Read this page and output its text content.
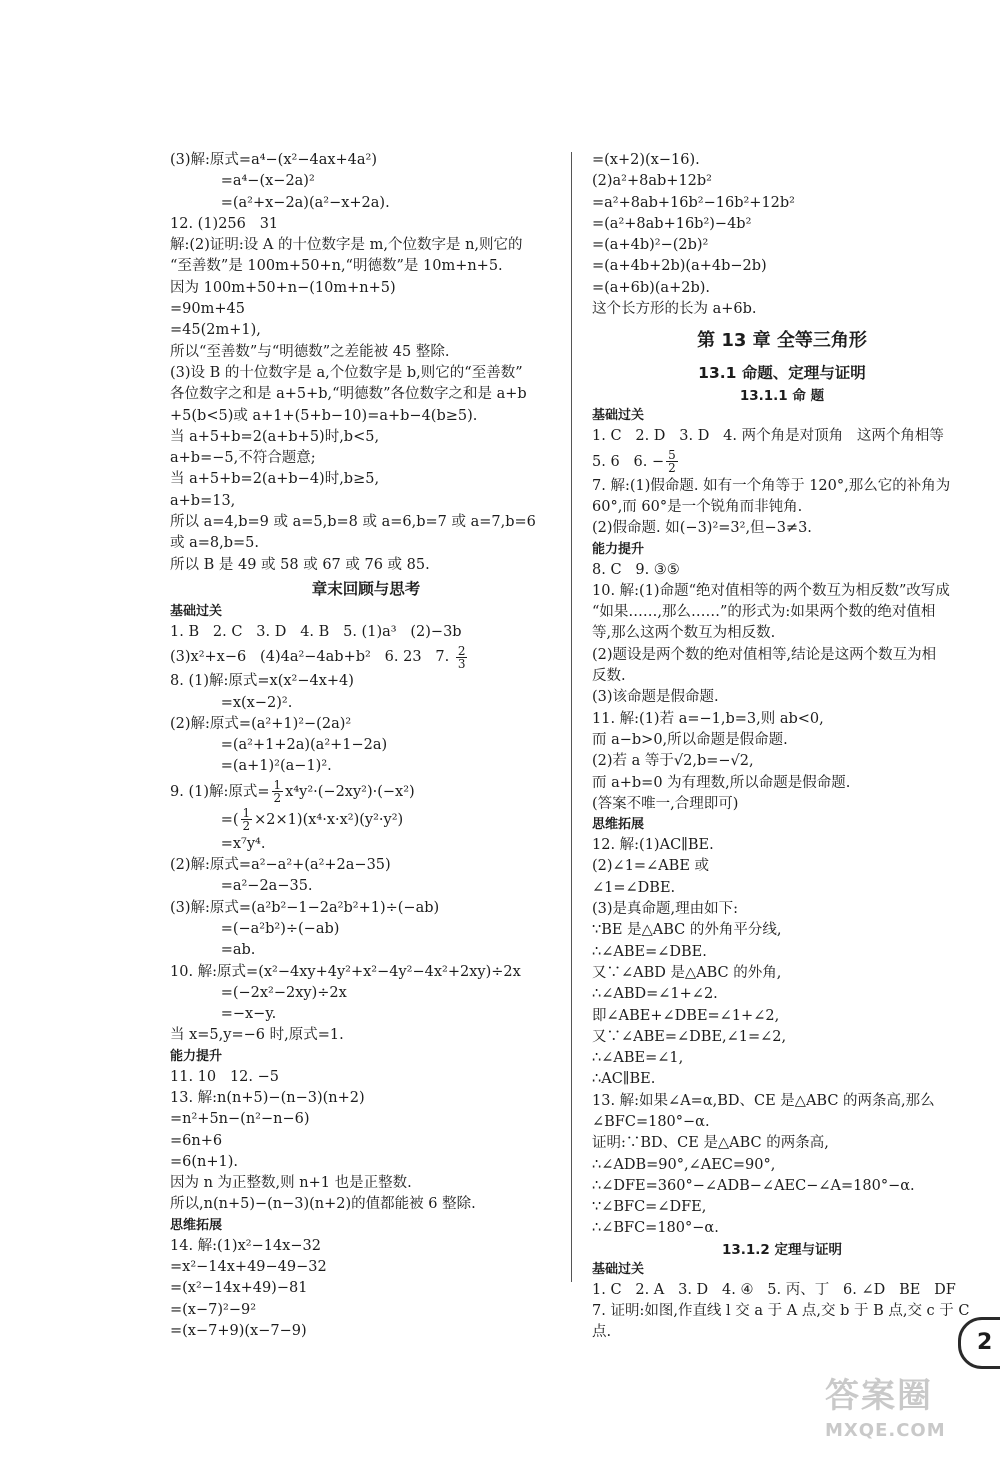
(3)解:原式=a⁴−(x²−4ax+4a²)
=a⁴−(x−2a)²
=(a²+x−2a)(a²−x+2a).
12. (1)256   31
解:(2)证明:设 A 的十位数字是 m,个位数字是 n,则它的
“至善数”是 100m+50+n,“明德数”是 10m+n+5.
因为 100m+50+n−(10m+n+5)
=90m+45
=45(2m+1),
所以“至善数”与“明德数”之差能被 45 整除.
(3)设 B 的十位数字是 a,个位数字是 b,则它的“至善数”
各位数字之和是 a+5+b,“明德数”各位数字之和是 a+b
+5(b<5)或 a+1+(5+b−10)=a+b−4(b≥5).
当 a+5+b=2(a+b+5)时,b<5,
a+b=−5,不符合题意;
当 a+5+b=2(a+b−4)时,b≥5,
a+b=13,
所以 a=4,b=9 或 a=5,b=8 或 a=6,b=7 或 a=7,b=6
或 a=8,b=5.
所以 B 是 49 或 58 或 67 或 76 或 85.
章末回顾与思考
基础过关
1. B   2. C   3. D   4. B   5. (1)a³   (2)−3b
(3)x²+x−6   (4)4a²−4ab+b²   6. 23   7. $\frac{2}{3}$
8. (1)解:原式=x(x²−4x+4)
=x(x−2)².
(2)解:原式=(a²+1)²−(2a)²
=(a²+1+2a)(a²+1−2a)
=(a+1)²(a−1)².
9. (1)解:原式= $\frac{1}{2} x^4y^2\cdot(-2xy^2)\cdot(-x^2)$
=( $\frac{1}{2} \times 2\times 1)(x^4\cdot x\cdot x^2)(y^2\cdot y^2)$
=x⁷y⁴.
(2)解:原式=a²−a²+(a²+2a−35)
=a²−2a−35.
(3)解:原式=(a²b²−1−2a²b²+1)÷(−ab)
=(−a²b²)÷(−ab)
=ab.
10. 解:原式=(x²−4xy+4y²+x²−4y²−4x²+2xy)÷2x
=(−2x²−2xy)÷2x
=−x−y.
当 x=5,y=−6 时,原式=1.
能力提升
11. 10   12. −5
13. 解:n(n+5)−(n−3)(n+2)
=n²+5n−(n²−n−6)
=6n+6
=6(n+1).
因为 n 为正整数,则 n+1 也是正整数.
所以,n(n+5)−(n−3)(n+2)的值都能被 6 整除.
思维拓展
14. 解:(1)x²−14x−32
=x²−14x+49−49−32
=(x²−14x+49)−81
=(x−7)²−9²
=(x−7+9)(x−7−9)
=(x+2)(x−16).
(2)a²+8ab+12b²
=a²+8ab+16b²−16b²+12b²
=(a²+8ab+16b²)−4b²
=(a+4b)²−(2b)²
=(a+4b+2b)(a+4b−2b)
=(a+6b)(a+2b).
这个长方形的长为 a+6b.
第 13 章 全等三角形
13.1 命题、定理与证明
13.1.1 命 题
基础过关
1. C   2. D   3. D   4. 两个角是对顶角   这两个角相等
5. 6   6. − $\frac{5}{2}$
7. 解:(1)假命题. 如有一个角等于 120°,那么它的补角为
60°,而 60°是一个锐角而非钝角.
(2)假命题. 如(−3)²=3²,但−3≠3.
能力提升
8. C   9. ③⑤
10. 解:(1)命题“绝对值相等的两个数互为相反数”改写成
“如果……,那么……”的形式为:如果两个数的绝对值相
等,那么这两个数互为相反数.
(2)题设是两个数的绝对值相等,结论是这两个数互为相
反数.
(3)该命题是假命题.
11. 解:(1)若 a=−1,b=3,则 ab<0,
而 a−b>0,所以命题是假命题.
(2)若 a 等于√2,b=−√2,
而 a+b=0 为有理数,所以命题是假命题.
(答案不唯一,合理即可)
思维拓展
12. 解:(1)AC∥BE.
(2)∠1=∠ABE 或
∠1=∠DBE.
(3)是真命题,理由如下:
∵BE 是△ABC 的外角平分线,
∴∠ABE=∠DBE.
又∵∠ABD 是△ABC 的外角,
∴∠ABD=∠1+∠2.
即∠ABE+∠DBE=∠1+∠2,
又∵∠ABE=∠DBE,∠1=∠2,
∴∠ABE=∠1,
∴AC∥BE.
13. 解:如果∠A=α,BD、CE 是△ABC 的两条高,那么
∠BFC=180°−α.
证明:∵BD、CE 是△ABC 的两条高,
∴∠ADB=90°,∠AEC=90°,
∴∠DFE=360°−∠ADB−∠AEC−∠A=180°−α.
∵∠BFC=∠DFE,
∴∠BFC=180°−α.
13.1.2 定理与证明
基础过关
1. C   2. A   3. D   4. ④   5. 丙、丁   6. ∠D   BE   DF
7. 证明:如图,作直线 l 交 a 于 A 点,交 b 于 B 点,交 c 于 C
点.	2
答案圈
MXQE.COM
